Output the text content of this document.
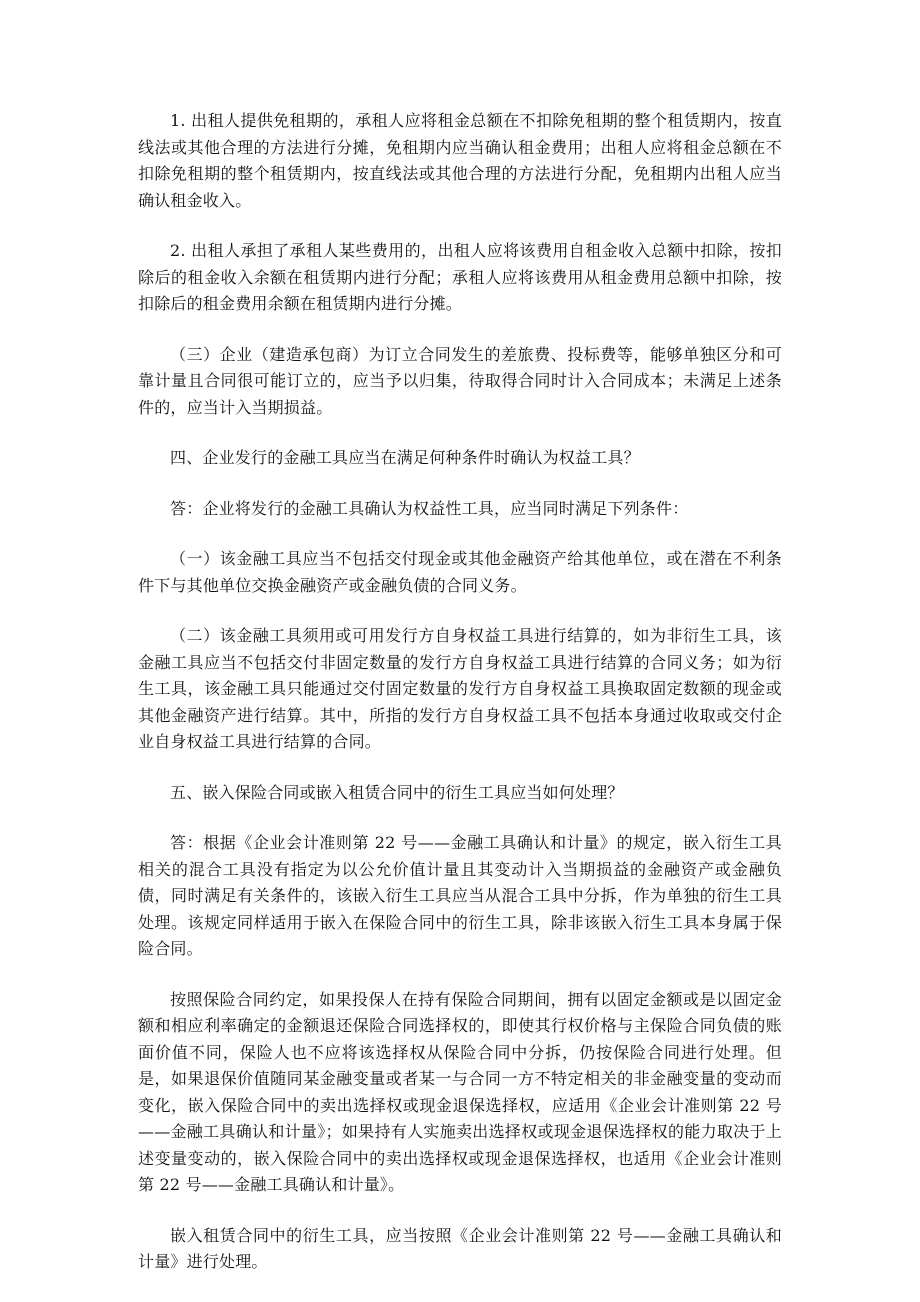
1. 出租人提供免租期的，承租人应将租金总额在不扣除免租期的整个租赁期内，按直线法或其他合理的方法进行分摊，免租期内应当确认租金费用；出租人应将租金总额在不扣除免租期的整个租赁期内，按直线法或其他合理的方法进行分配，免租期内出租人应当确认租金收入。

2. 出租人承担了承租人某些费用的，出租人应将该费用自租金收入总额中扣除，按扣除后的租金收入余额在租赁期内进行分配；承租人应将该费用从租金费用总额中扣除，按扣除后的租金费用余额在租赁期内进行分摊。

（三）企业（建造承包商）为订立合同发生的差旅费、投标费等，能够单独区分和可靠计量且合同很可能订立的，应当予以归集，待取得合同时计入合同成本；未满足上述条件的，应当计入当期损益。

四、企业发行的金融工具应当在满足何种条件时确认为权益工具？

答：企业将发行的金融工具确认为权益性工具，应当同时满足下列条件：

（一）该金融工具应当不包括交付现金或其他金融资产给其他单位，或在潜在不利条件下与其他单位交换金融资产或金融负债的合同义务。

（二）该金融工具须用或可用发行方自身权益工具进行结算的，如为非衍生工具，该金融工具应当不包括交付非固定数量的发行方自身权益工具进行结算的合同义务；如为衍生工具，该金融工具只能通过交付固定数量的发行方自身权益工具换取固定数额的现金或其他金融资产进行结算。其中，所指的发行方自身权益工具不包括本身通过收取或交付企业自身权益工具进行结算的合同。

五、嵌入保险合同或嵌入租赁合同中的衍生工具应当如何处理？

答：根据《企业会计准则第 22 号——金融工具确认和计量》的规定，嵌入衍生工具相关的混合工具没有指定为以公允价值计量且其变动计入当期损益的金融资产或金融负债，同时满足有关条件的，该嵌入衍生工具应当从混合工具中分拆，作为单独的衍生工具处理。该规定同样适用于嵌入在保险合同中的衍生工具，除非该嵌入衍生工具本身属于保险合同。

按照保险合同约定，如果投保人在持有保险合同期间，拥有以固定金额或是以固定金额和相应利率确定的金额退还保险合同选择权的，即使其行权价格与主保险合同负债的账面价值不同，保险人也不应将该选择权从保险合同中分拆，仍按保险合同进行处理。但是，如果退保价值随同某金融变量或者某一与合同一方不特定相关的非金融变量的变动而变化，嵌入保险合同中的卖出选择权或现金退保选择权，应适用《企业会计准则第 22 号——金融工具确认和计量》；如果持有人实施卖出选择权或现金退保选择权的能力取决于上述变量变动的，嵌入保险合同中的卖出选择权或现金退保选择权，也适用《企业会计准则第 22 号——金融工具确认和计量》。

嵌入租赁合同中的衍生工具，应当按照《企业会计准则第 22 号——金融工具确认和计量》进行处理。
